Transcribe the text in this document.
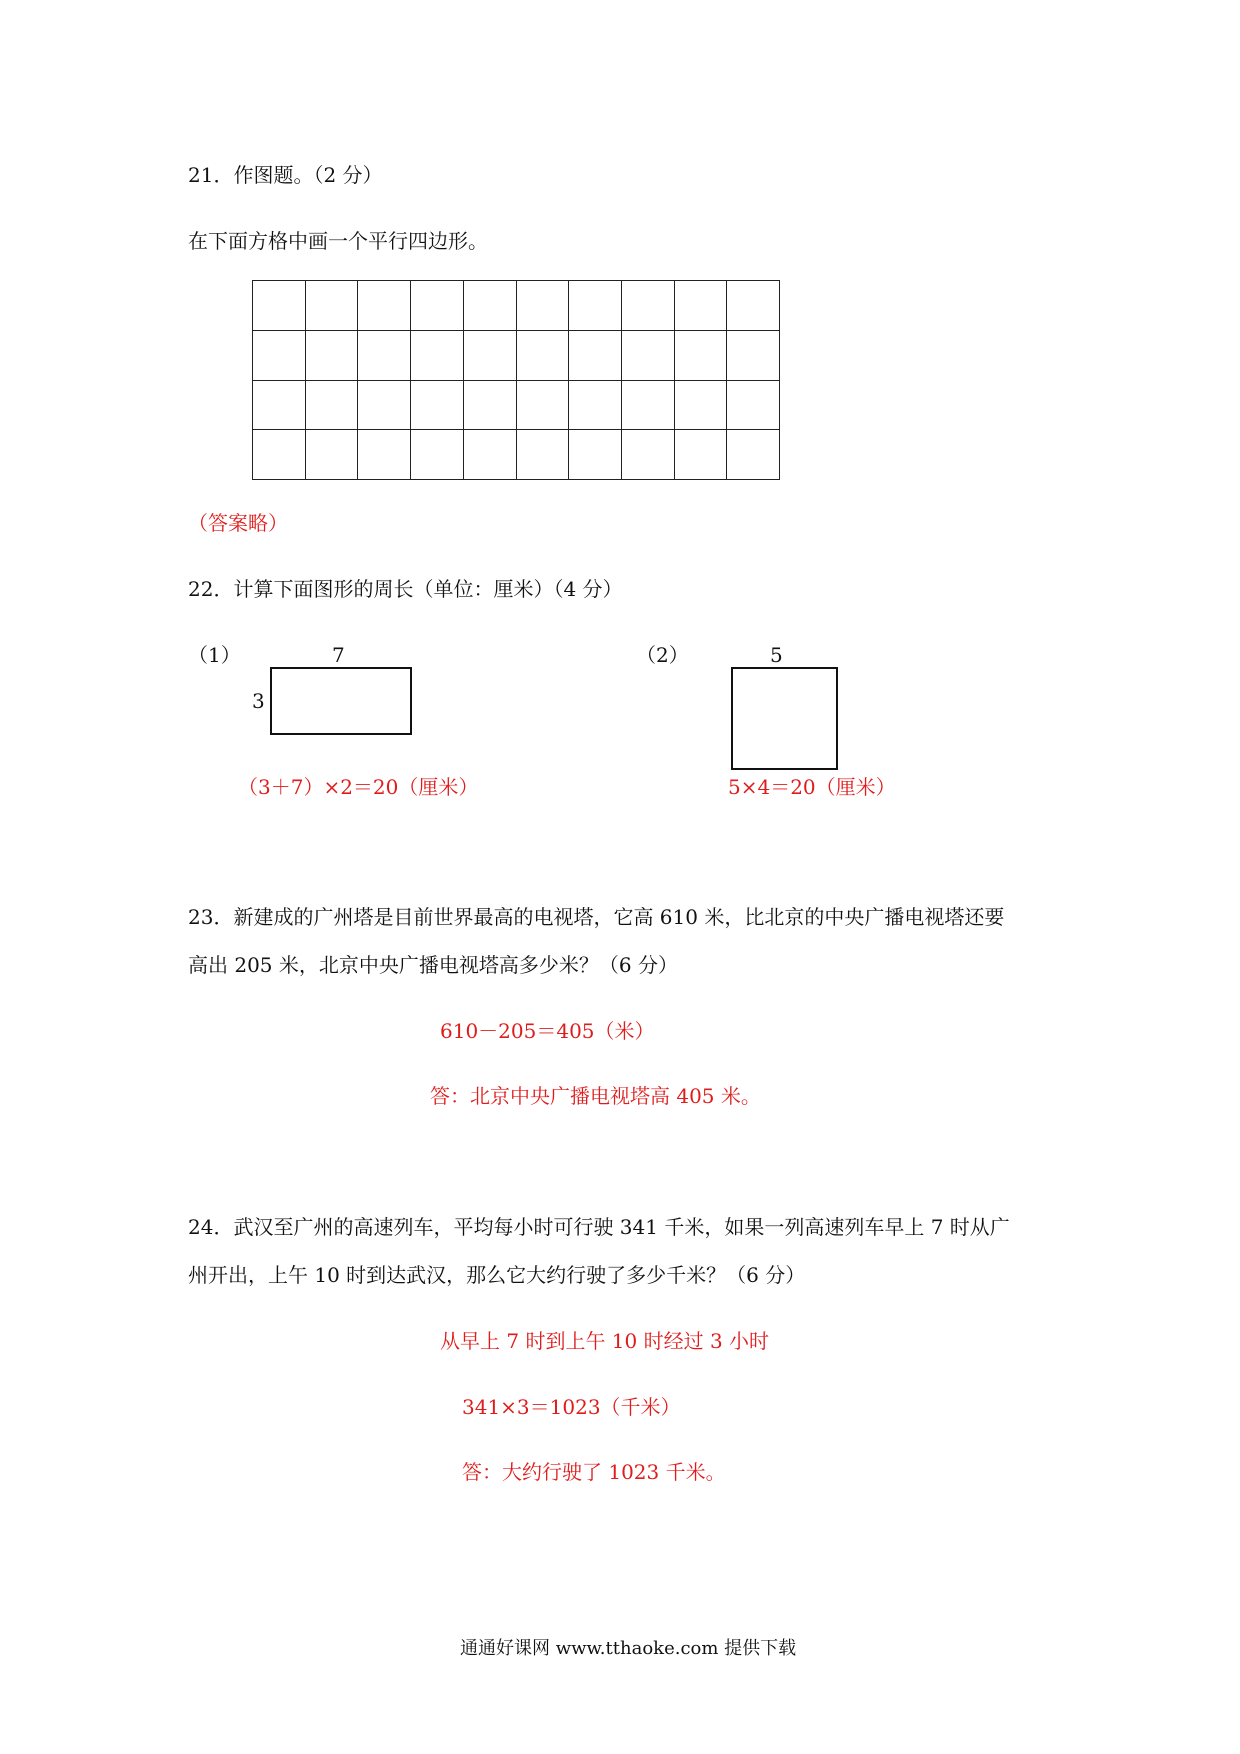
21．作图题。（2 分）
在下面方格中画一个平行四边形。
（答案略）
22．计算下面图形的周长（单位：厘米）（4 分）
（1）	7
3
（3＋7）×2＝20（厘米）
（2）	5
5×4＝20（厘米）
23．新建成的广州塔是目前世界最高的电视塔，它高 610 米，比北京的中央广播电视塔还要
高出 205 米，北京中央广播电视塔高多少米？（6 分）
610－205＝405（米）
答：北京中央广播电视塔高 405 米。
24．武汉至广州的高速列车，平均每小时可行驶 341 千米，如果一列高速列车早上 7 时从广
州开出，上午 10 时到达武汉，那么它大约行驶了多少千米？（6 分）
从早上 7 时到上午 10 时经过 3 小时
341×3＝1023（千米）
答：大约行驶了 1023 千米。
通通好课网 www.tthaoke.com 提供下载
